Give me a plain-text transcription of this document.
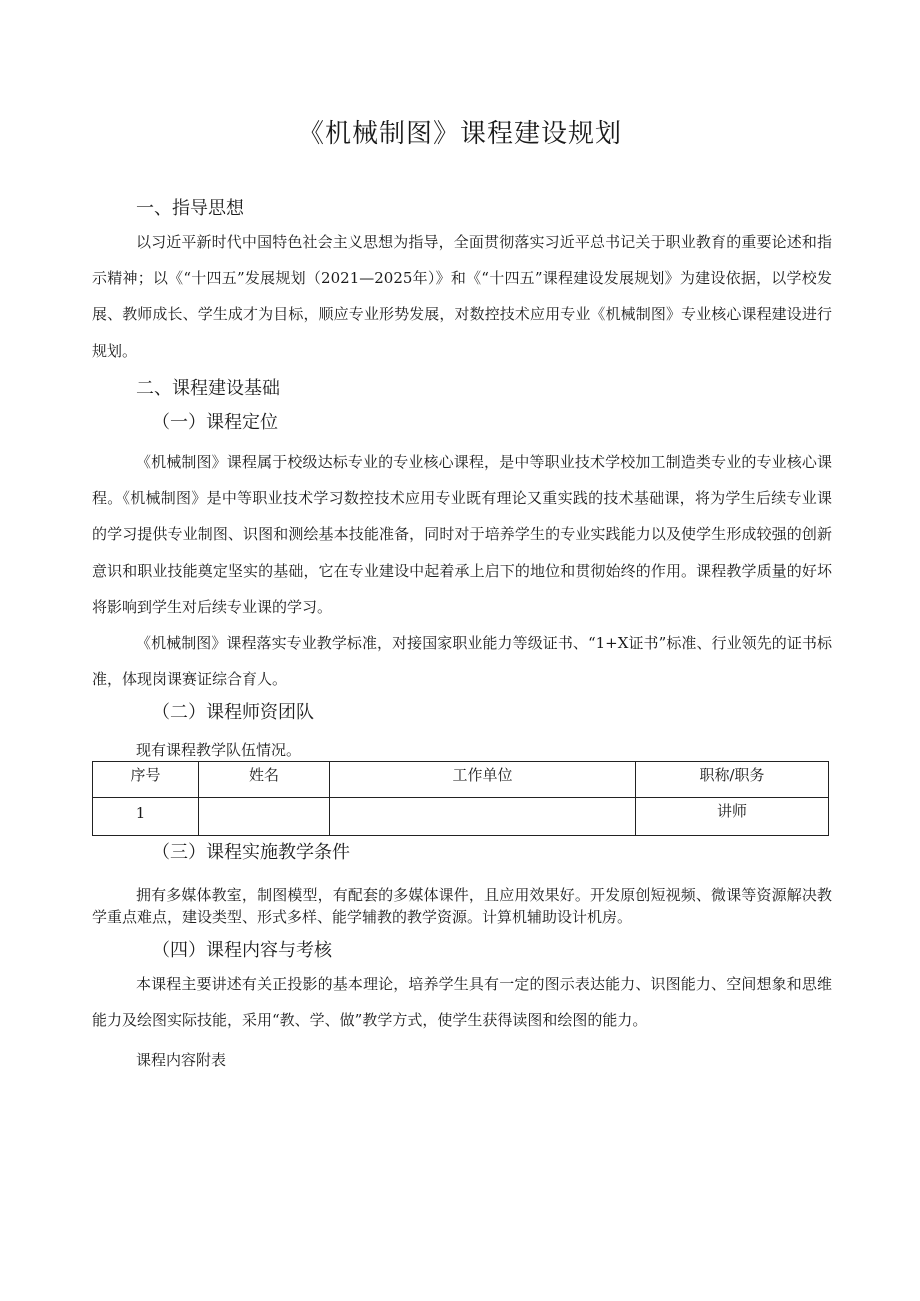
《机械制图》课程建设规划
一、指导思想
以习近平新时代中国特色社会主义思想为指导，全面贯彻落实习近平总书记关于职业教育的重要论述和指示精神；以《“十四五”发展规划（2021—2025年）》和《“十四五”课程建设发展规划》为建设依据，以学校发展、教师成长、学生成才为目标，顺应专业形势发展，对数控技术应用专业《机械制图》专业核心课程建设进行规划。
二、课程建设基础
（一）课程定位
《机械制图》课程属于校级达标专业的专业核心课程，是中等职业技术学校加工制造类专业的专业核心课程。《机械制图》是中等职业技术学习数控技术应用专业既有理论又重实践的技术基础课，将为学生后续专业课的学习提供专业制图、识图和测绘基本技能准备，同时对于培养学生的专业实践能力以及使学生形成较强的创新意识和职业技能奠定坚实的基础，它在专业建设中起着承上启下的地位和贯彻始终的作用。课程教学质量的好坏将影响到学生对后续专业课的学习。
《机械制图》课程落实专业教学标准，对接国家职业能力等级证书、“1+X证书”标准、行业领先的证书标准，体现岗课赛证综合育人。
（二）课程师资团队
现有课程教学队伍情况。
序号	姓名	工作单位	职称/职务

1			讲师
（三）课程实施教学条件
拥有多媒体教室，制图模型，有配套的多媒体课件，且应用效果好。开发原创短视频、微课等资源解决教学重点难点，建设类型、形式多样、能学辅教的教学资源。计算机辅助设计机房。
（四）课程内容与考核
本课程主要讲述有关正投影的基本理论，培养学生具有一定的图示表达能力、识图能力、空间想象和思维能力及绘图实际技能，采用“教、学、做”教学方式，使学生获得读图和绘图的能力。
课程内容附表
